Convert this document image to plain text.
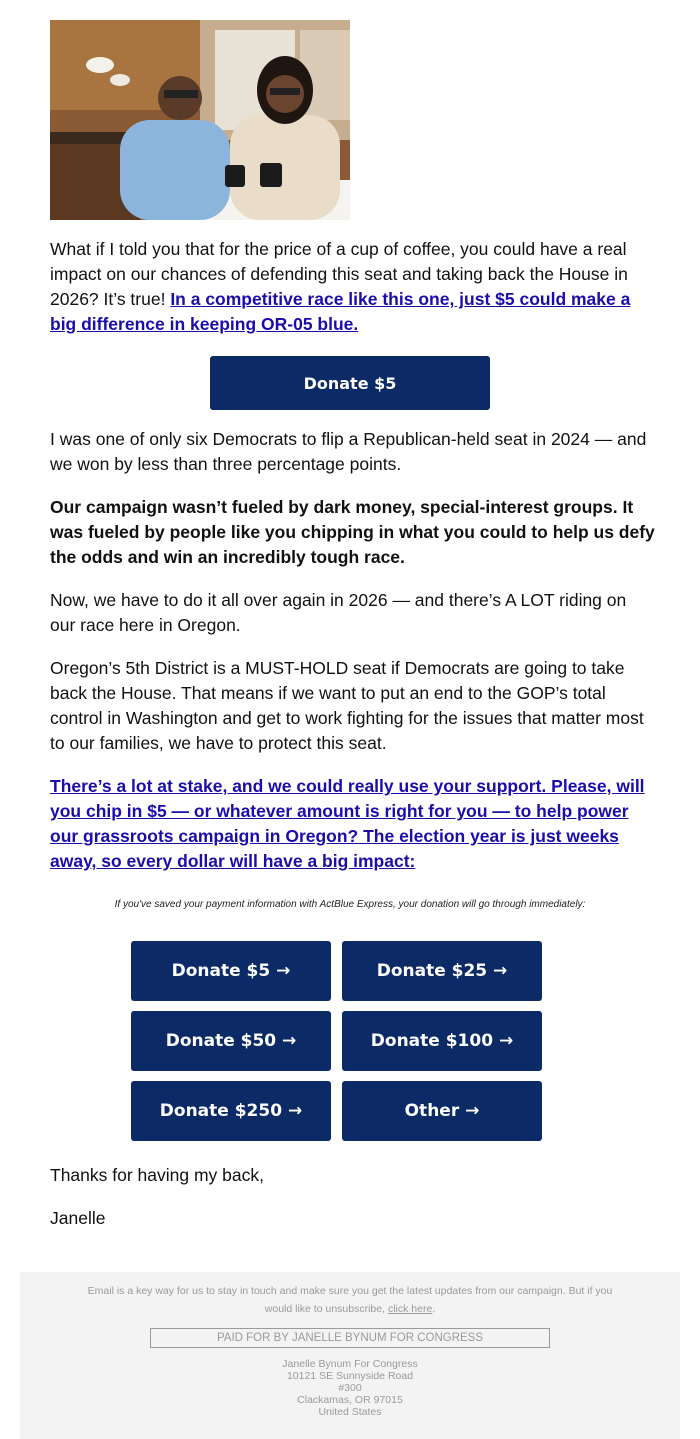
What if I told you that for the price of a cup of coffee, you could have a real impact on our chances of defending this seat and taking back the House in 2026? It’s true! In a competitive race like this one, just $5 could make a big difference in keeping OR-05 blue.

Donate $5

I was one of only six Democrats to flip a Republican-held seat in 2024 — and we won by less than three percentage points.

Our campaign wasn’t fueled by dark money, special-interest groups. It was fueled by people like you chipping in what you could to help us defy the odds and win an incredibly tough race.

Now, we have to do it all over again in 2026 — and there’s A LOT riding on our race here in Oregon.

Oregon’s 5th District is a MUST-HOLD seat if Democrats are going to take back the House. That means if we want to put an end to the GOP’s total control in Washington and get to work fighting for the issues that matter most to our families, we have to protect this seat.

There’s a lot at stake, and we could really use your support. Please, will you chip in $5 — or whatever amount is right for you — to help power our grassroots campaign in Oregon? The election year is just weeks away, so every dollar will have a big impact:

If you've saved your payment information with ActBlue Express, your donation will go through immediately:
Donate $5 →	Donate $25 →
Donate $50 →	Donate $100 →
Donate $250 →	Other →

Thanks for having my back,

Janelle

Email is a key way for us to stay in touch and make sure you get the latest updates from our campaign. But if you would like to unsubscribe, click here.
PAID FOR BY JANELLE BYNUM FOR CONGRESS
Janelle Bynum For Congress
10121 SE Sunnyside Road
#300
Clackamas, OR 97015
United States
